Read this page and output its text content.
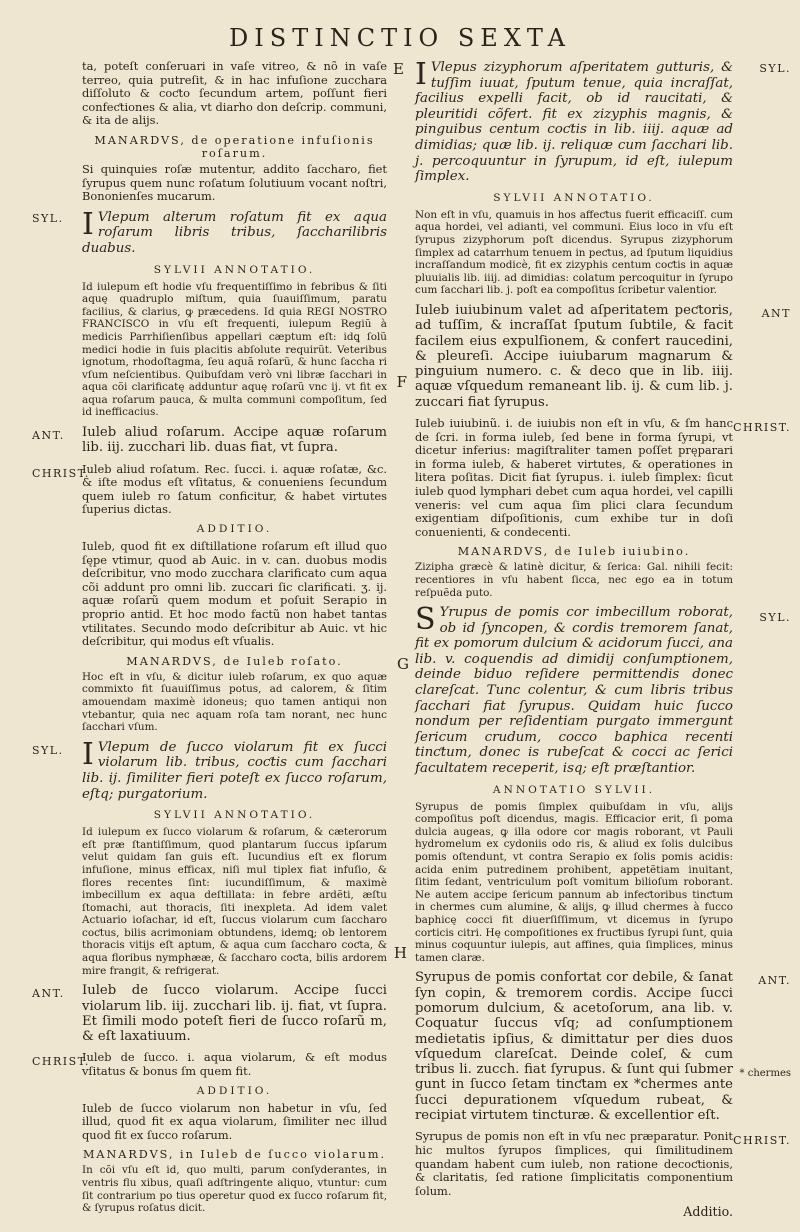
DISTINCTIO SEXTA

ta, poteſt conſeruari in vaſe vitreo, & nõ in vaſe terreo, quia putreſit, & in hac infuſione zucchara diſſoluto & coƈto ſecundum artem, poſſunt fieri confeƈtiones & alia, vt diarho don deſcrip. communi, & ita de alijs.

MANARDVS, de operatione infuſionis roſarum.

Si quinquies roſæ mutentur, addito ſaccharo, fiet ſyrupus quem nunc roſatum ſolutiuum vocant noſtri, Bononienſes mucarum.

SYL. I Vlepum alterum roſatum fit ex aqua roſarum libris tribus, ſaccharilibris duabus.

SYLVII ANNOTATIO.

F

Id iulepum eſt hodie vſu frequentiſſimo in febribus & ſiti aquę quadruplo miſtum, quia ſuauiſſimum, paratu facilius, & clarius, ꝙ præcedens. Id quia REGI NOSTRO FRANCISCO in vſu eſt frequenti, iulepum Regiũ à medicis Parrhiſienſibus appellari cæptum eſt: idꝗ ſolũ medici hodie in ſuis placitis abſolute requirũt. Veteribus ignotum, rhodoſtagma, ſeu aquã roſarũ, & hunc ſaccha ri vſum neſcientibus. Quibuſdam verò vni libræ ſacchari in aqua cõi clarificatę adduntur aquę roſarũ vnc ij. vt fit ex aqua roſarum pauca, & multa communi compoſitum, ſed id inefficacius.

ANT. Iuleb aliud roſarum. Accipe aquæ roſarum lib. iij. zucchari lib. duas fiat, vt ſupra.

CHRIST.

Iuleb aliud roſatum. Rec. ſucci. i. aquæ roſatæ, &c. & iſte modus eſt vſitatus, & conueniens ſecundum quem iuleb ro ſatum conficitur, & habet virtutes ſuperius dictas.

ADDITIO.

Iuleb, quod fit ex diſtillatione roſarum eſt illud quo ſępe vtimur, quod ab Auic. in v. can. duobus modis deſcribitur, vno modo zucchara clarificato cum aqua cõi addunt pro omni lib. zuccari ſic clarificati. ʒ. ij. aquæ roſarũ quem modum et poſuit Serapio in proprio antid. Et hoc modo factũ non habet tantas vtilitates. Secundo modo deſcribitur ab Auic. vt hic deſcribitur, qui modus eſt vſualis.

G

MANARDVS, de Iuleb roſato.

Hoc eſt in vſu, & dicitur iuleb roſarum, ex quo aquæ commixto fit ſuauiſſimus potus, ad calorem, & ſitim amouendam maximè idoneus; quo tamen antiqui non vtebantur, quia nec aquam roſa tam norant, nec hunc ſacchari vſum.

SYL. I Vlepum de ſucco violarum fit ex ſucci violarum lib. tribus, coƈtis cum ſacchari lib. ij. ſimiliter fieri poteſt ex ſucco roſarum, eſtq; purgatorium.

SYLVII ANNOTATIO.

H

Id iulepum ex ſucco violarum & roſarum, & cæterorum eſt præ ſtantiſſimum, quod plantarum ſuccus ipſarum velut quidam ſan guis eſt. Iucundius eſt ex florum infuſione, minus efficax, niſi mul tiplex fiat infuſio, & flores recentes ſint: iucundiſſimum, & maximè imbecillum ex aqua deſtillata: in febre ardẽti, æſtu ſtomachi, aut thoracis, ſiti inexpleta. Ad idem valet Actuario ioſachar, id eſt, ſuccus violarum cum ſaccharo coƈtus, bilis acrimoniam obtundens, idemꝗ; ob lentorem thoracis vitijs eſt aptum, & aqua cum ſaccharo coƈta, & aqua floribus nymphææ, & ſaccharo coƈta, bilis ardorem mire frangit, & refrigerat.

ANT. Iuleb de ſucco violarum. Accipe ſucci violarum lib. iij. zucchari lib. ij. fiat, vt ſupra. Et ſimili modo poteſt fieri de ſucco roſarũ m, & eſt laxatiuum.

CHRIST.

Iuleb de ſucco. i. aqua violarum, & eſt modus vſitatus & bonus ſm quem fit.

ADDITIO.

Iuleb de ſucco violarum non habetur in vſu, ſed illud, quod fit ex aqua violarum, ſimiliter nec illud quod fit ex ſucco roſarum.

MANARDVS, in Iuleb de ſucco violarum.

In cõi vſu eſt id, quo multi, parum conſyderantes, in ventris flu xibus, quaſi adſtringente aliquo, vtuntur: cum ſit contrarium po tius operetur quod ex ſucco roſarum fit, & ſyrupus roſatus dicit.

E	SYL.

I Vlepus zizyphorum aſperitatem gutturis, & tuſſim iuuat, ſputum tenue, quia incraſſat, facilius expelli facit, ob id raucitati, & pleuritidi cõfert. fit ex zizyphis magnis, & pinguibus centum coƈtis in lib. iiij. aquæ ad dimidias; quæ lib. ij. reliquæ cum ſacchari lib. j. percoquuntur in ſyrupum, id eſt, iulepum ſimplex.

SYLVII ANNOTATIO.

Non eſt in vſu, quamuis in hos affeƈtus fuerit efficaciſſ. cum aqua hordei, vel adianti, vel communi. Eius loco in vſu eſt ſyrupus zizyphorum poſt dicendus. Syrupus zizyphorum ſimplex ad catarrhum tenuem in peƈtus, ad ſputum liquidius incraſſandum modicè, fit ex zizyphis centum coƈtis in aquæ pluuialis lib. iiij. ad dimidias: colatum percoquitur in ſyrupo cum ſacchari lib. j. poſt ea compoſitus ſcribetur valentior.

ANT

Iuleb iuiubinum valet ad aſperitatem peƈtoris, ad tuſſim, & incraſſat ſputum ſubtile, & facit facilem eius expulſionem, & confert raucedini, & pleureſi. Accipe iuiubarum magnarum & pinguium numero. c. & deco que in lib. iiij. aquæ vſquedum remaneant lib. ij. & cum lib. j. zuccari fiat ſyrupus.

CHRIST.

Iuleb iuiubinũ. i. de iuiubis non eſt in vſu, & ſm hanc de ſcri. in forma iuleb, ſed bene in forma ſyrupi, vt dicetur inferius: magiſtraliter tamen poſſet pręparari in forma iuleb, & haberet virtutes, & operationes in litera poſitas. Dicit fiat ſyrupus. i. iuleb ſimplex: ſicut iuleb quod lymphari debet cum aqua hordei, vel capilli veneris: vel cum aqua ſim plici clara ſecundum exigentiam diſpoſitionis, cum exhibe tur in doſi conuenienti, & condecenti.

MANARDVS, de Iuleb iuiubino.

Zizipha græcè & latinè dicitur, & ſerica: Gal. nihili fecit: recentiores in vſu habent ſicca, nec ego ea in totum reſpuẽda puto.

SYL.

S Yrupus de pomis cor imbecillum roborat, ob id ſyncopen, & cordis tremorem ſanat, fit ex pomorum dulcium & acidorum ſucci, ana lib. v. coquendis ad dimidij conſumptionem, deinde biduo reſidere permittendis donec clareſcat. Tunc colentur, & cum libris tribus ſacchari fiat ſyrupus. Quidam huic ſucco nondum per reſidentiam purgato immergunt ſericum crudum, cocco baphica recenti tinƈtum, donec is rubeſcat & cocci ac ſerici facultatem receperit, isq; eſt præſtantior.

ANNOTATIO SYLVII.

Syrupus de pomis ſimplex quibuſdam in vſu, alijs compoſitus poſt dicendus, magis. Efficacior erit, ſi poma dulcia augeas, ꝙ illa odore cor magis roborant, vt Pauli hydromelum ex cydoniis odo ris, & aliud ex ſolis dulcibus pomis oſtendunt, vt contra Serapio ex ſolis pomis acidis: acida enim putredinem prohibent, appetẽtiam inuitant, ſitim ſedant, ventriculum poſt vomitum bilioſum roborant. Ne autem accipe ſericum pannum ab infeƈtoribus tinƈtum in chermes cum alumine, & alijs, ꝙ illud chermes à fucco baphicę cocci fit diuerſiſſimum, vt dicemus in ſyrupo corticis citri. Hę compoſitiones ex fruƈtibus ſyrupi ſunt, quia minus coquuntur iulepis, aut affines, quia ſimplices, minus tamen claræ.

ANT.
* chermes

Syrupus de pomis confortat cor debile, & ſanat ſyn copin, & tremorem cordis. Accipe ſucci pomorum dulcium, & acetoſorum, ana lib. v. Coquatur ſuccus vſq; ad conſumptionem medietatis ipſius, & dimittatur per dies duos vſquedum clareſcat. Deinde coleſ, & cum tribus li. zucch. fiat ſyrupus. & ſunt qui ſubmer gunt in ſucco ſetam tinƈtam ex *chermes ante ſucci depurationem vſquedum rubeat, & recipiat virtutem tincturæ. & excellentior eſt.

CHRIST.

Syrupus de pomis non eſt in vſu nec præparatur. Ponit hic multos ſyrupos ſimplices, qui ſimilitudinem quandam habent cum iuleb, non ratione decoƈtionis, & claritatis, ſed ratione ſimplicitatis componentium ſolum.

Additio.
